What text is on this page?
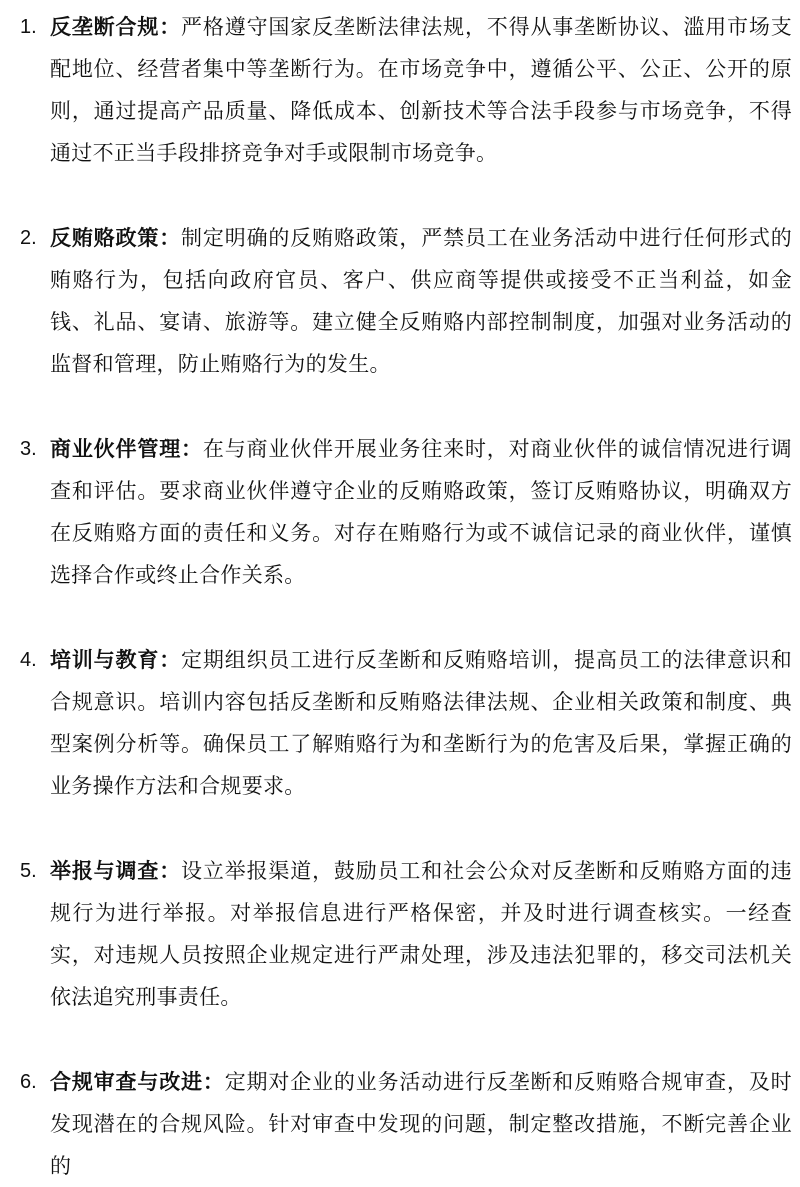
1. 反垄断合规：严格遵守国家反垄断法律法规，不得从事垄断协议、滥用市场支配地位、经营者集中等垄断行为。在市场竞争中，遵循公平、公正、公开的原则，通过提高产品质量、降低成本、创新技术等合法手段参与市场竞争，不得通过不正当手段排挤竞争对手或限制市场竞争。
2. 反贿赂政策：制定明确的反贿赂政策，严禁员工在业务活动中进行任何形式的贿赂行为，包括向政府官员、客户、供应商等提供或接受不正当利益，如金钱、礼品、宴请、旅游等。建立健全反贿赂内部控制制度，加强对业务活动的监督和管理，防止贿赂行为的发生。
3. 商业伙伴管理：在与商业伙伴开展业务往来时，对商业伙伴的诚信情况进行调查和评估。要求商业伙伴遵守企业的反贿赂政策，签订反贿赂协议，明确双方在反贿赂方面的责任和义务。对存在贿赂行为或不诚信记录的商业伙伴，谨慎选择合作或终止合作关系。
4. 培训与教育：定期组织员工进行反垄断和反贿赂培训，提高员工的法律意识和合规意识。培训内容包括反垄断和反贿赂法律法规、企业相关政策和制度、典型案例分析等。确保员工了解贿赂行为和垄断行为的危害及后果，掌握正确的业务操作方法和合规要求。
5. 举报与调查：设立举报渠道，鼓励员工和社会公众对反垄断和反贿赂方面的违规行为进行举报。对举报信息进行严格保密，并及时进行调查核实。一经查实，对违规人员按照企业规定进行严肃处理，涉及违法犯罪的，移交司法机关依法追究刑事责任。
6. 合规审查与改进：定期对企业的业务活动进行反垄断和反贿赂合规审查，及时发现潜在的合规风险。针对审查中发现的问题，制定整改措施，不断完善企业的
